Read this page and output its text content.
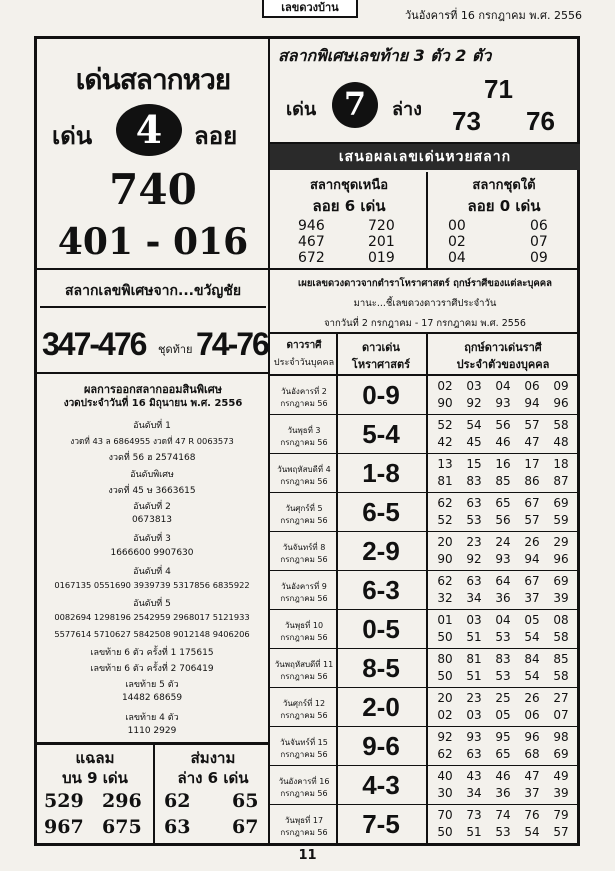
เลขดวงบ้าน
วันอังคารที่ 16 กรกฎาคม พ.ศ. 2556
เด่นสลากหวย
เด่น	4	ลอย
740
401 - 016
สลากเลขพิเศษจาก...ขวัญชัย
347-476 ชุดท้าย 74-76
ผลการออกสลากออมสินพิเศษ
งวดประจำวันที่ 16 มิถุนายน พ.ศ. 2556
อันดับที่ 1
งวดที่ 43 ล 6864955 งวดที่ 47 R 0063573
งวดที่ 56 ฮ 2574168
อันดับพิเศษ
งวดที่ 45 ษ 3663615
อันดับที่ 2
0673813
อันดับที่ 3
1666600 9907630
อันดับที่ 4
0167135 0551690 3939739 5317856 6835922
อันดับที่ 5
0082694 1298196 2542959 2968017 5121933
5577614 5710627 5842508 9012148 9406206
เลขท้าย 6 ตัว ครั้งที่ 1 175615
เลขท้าย 6 ตัว ครั้งที่ 2 706419
เลขท้าย 5 ตัว
14482 68659
เลขท้าย 4 ตัว
1110 2929
แฉลม
บน 9 เด่น
ส่มงาม
ล่าง 6 เด่น
529 296
967 675
62 65
63 67
สลากพิเศษเลขท้าย 3 ตัว 2 ตัว
เด่น 7	ล่าง
71
73 76
เสนอผลเลขเด่นหวยสลาก
สลากชุดเหนือ
ลอย 6 เด่น
สลากชุดใต้
ลอย 0 เด่น
946	720
467	201
672	019
00	06
02	07
04	09
เผยเลขดวงดาวจากตำราโหราศาสตร์ ฤกษ์ราศีของแต่ละบุคคล
มานะ...ชี้เลขดวงดาวราศีประจำวัน
จากวันที่ 2 กรกฎาคม - 17 กรกฎาคม พ.ศ. 2556
ดาวราศี
ประจำวันบุคคล
ดาวเด่น
โหราศาสตร์
ฤกษ์ดาวเด่นราศี
ประจำตัวของบุคคล
วันอังคารที่ 2
กรกฎาคม 56	0-9	02	03	04	06	09
90	92	93	94	96
วันพุธที่ 3
กรกฎาคม 56	5-4	52	54	56	57	58
42	45	46	47	48
วันพฤหัสบดีที่ 4
กรกฎาคม 56	1-8	13	15	16	17	18
81	83	85	86	87
วันศุกร์ที่ 5
กรกฎาคม 56	6-5	62	63	65	67	69
52	53	56	57	59
วันจันทร์ที่ 8
กรกฎาคม 56	2-9	20	23	24	26	29
90	92	93	94	96
วันอังคารที่ 9
กรกฎาคม 56	6-3	62	63	64	67	69
32	34	36	37	39
วันพุธที่ 10
กรกฎาคม 56	0-5	01	03	04	05	08
50	51	53	54	58
วันพฤหัสบดีที่ 11
กรกฎาคม 56	8-5	80	81	83	84	85
50	51	53	54	58
วันศุกร์ที่ 12
กรกฎาคม 56	2-0	20	23	25	26	27
02	03	05	06	07
วันจันทร์ที่ 15
กรกฎาคม 56	9-6	92	93	95	96	98
62	63	65	68	69
วันอังคารที่ 16
กรกฎาคม 56	4-3	40	43	46	47	49
30	34	36	37	39
วันพุธที่ 17
กรกฎาคม 56	7-5	70	73	74	76	79
50	51	53	54	57
11
